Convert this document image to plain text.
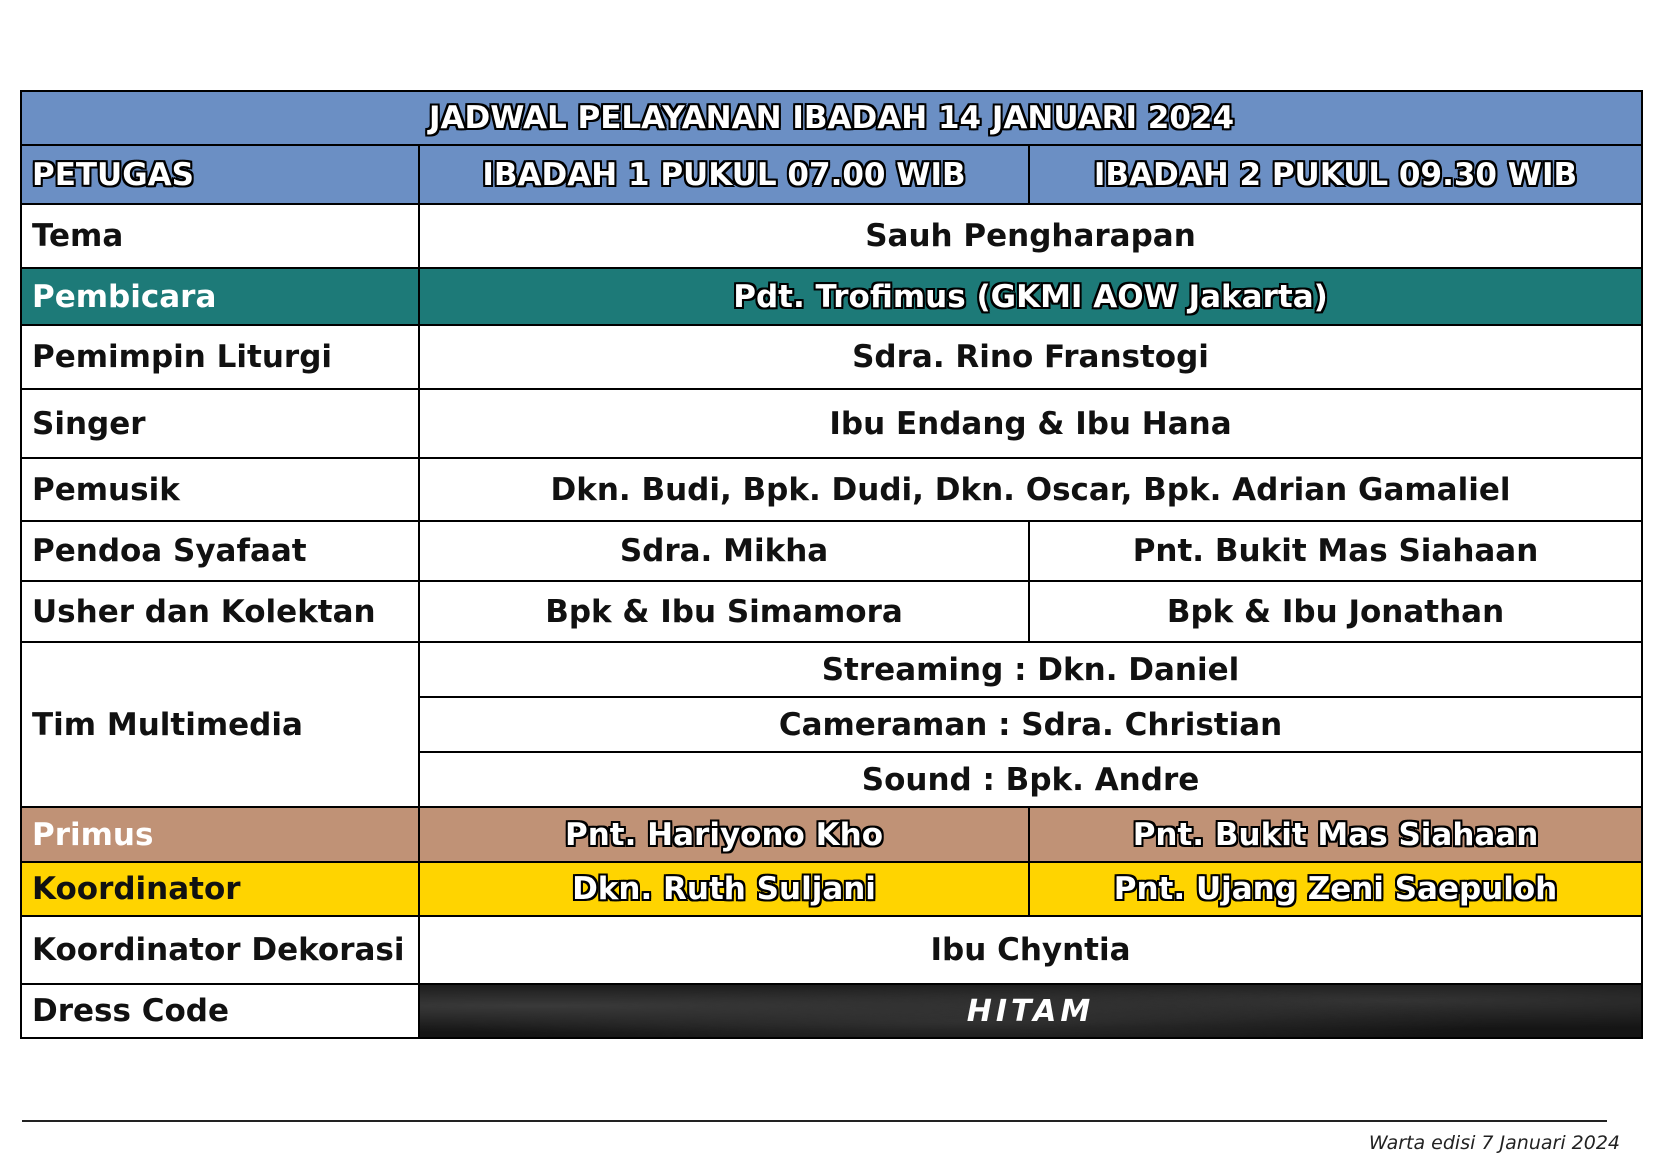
JADWAL PELAYANAN IBADAH 14 JANUARI 2024		
PETUGAS	IBADAH 1 PUKUL 07.00 WIB	IBADAH 2 PUKUL 09.30 WIB
Tema	Sauh Pengharapan	
Pembicara	Pdt. Trofimus (GKMI AOW Jakarta)	
Pemimpin Liturgi	Sdra. Rino Franstogi	
Singer	Ibu Endang & Ibu Hana	
Pemusik	Dkn. Budi, Bpk. Dudi, Dkn. Oscar, Bpk. Adrian Gamaliel	
Pendoa Syafaat	Sdra. Mikha	Pnt. Bukit Mas Siahaan
Usher dan Kolektan	Bpk & Ibu Simamora	Bpk & Ibu Jonathan
Tim Multimedia	Streaming : Dkn. Daniel	
	Cameraman : Sdra. Christian	
	Sound : Bpk. Andre	
Primus	Pnt. Hariyono Kho	Pnt. Bukit Mas Siahaan
Koordinator	Dkn. Ruth Suljani	Pnt. Ujang Zeni Saepuloh
Koordinator Dekorasi	Ibu Chyntia	
Dress Code	HITAM	
Warta edisi 7 Januari 2024
